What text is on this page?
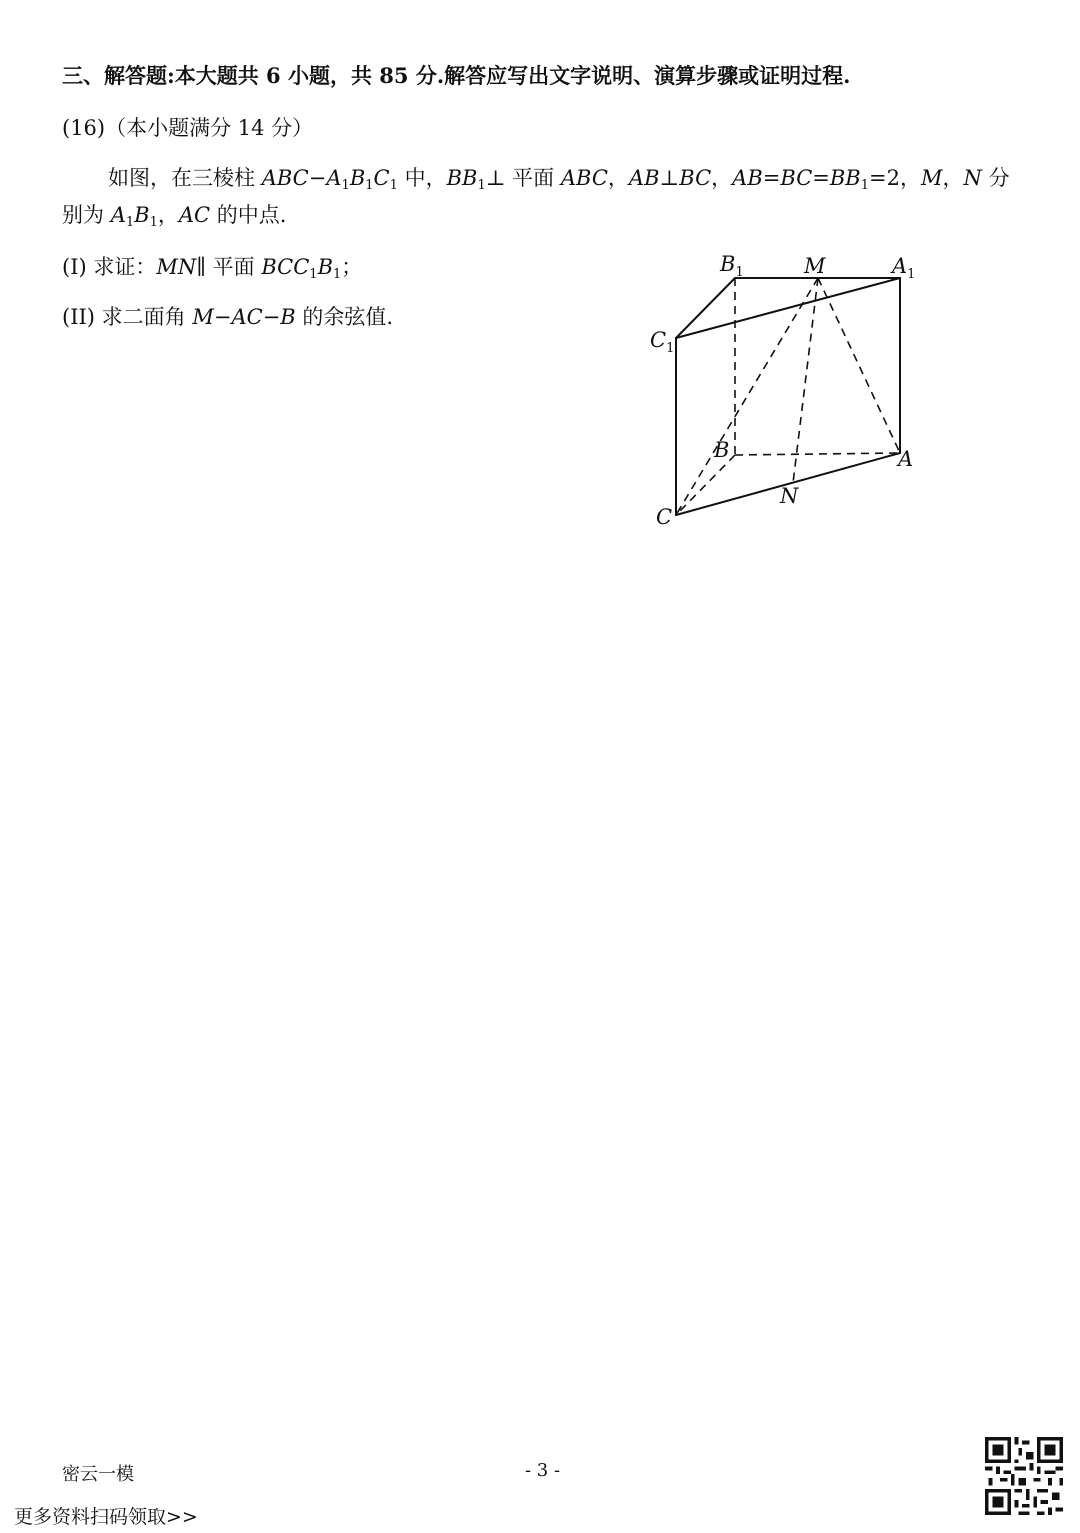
三、解答题:本大题共 6 小题，共 85 分.解答应写出文字说明、演算步骤或证明过程.
(16)（本小题满分 14 分）
如图，在三棱柱 $ABC-A_1B_1C_1$ 中，$BB_1\perp$ 平面 ABC，AB⊥BC，$AB=BC=BB_1=2$，M，N 分
别为 $A_1B_1$，AC 的中点.
(I) 求证：MN∥ 平面 $BCC_1B_1$；
(II) 求二面角 M−AC−B 的余弦值.
$B_1$	M	$A_1$
$C_1$
B	A
N
C
密云一模	- 3 -
更多资料扫码领取>>
